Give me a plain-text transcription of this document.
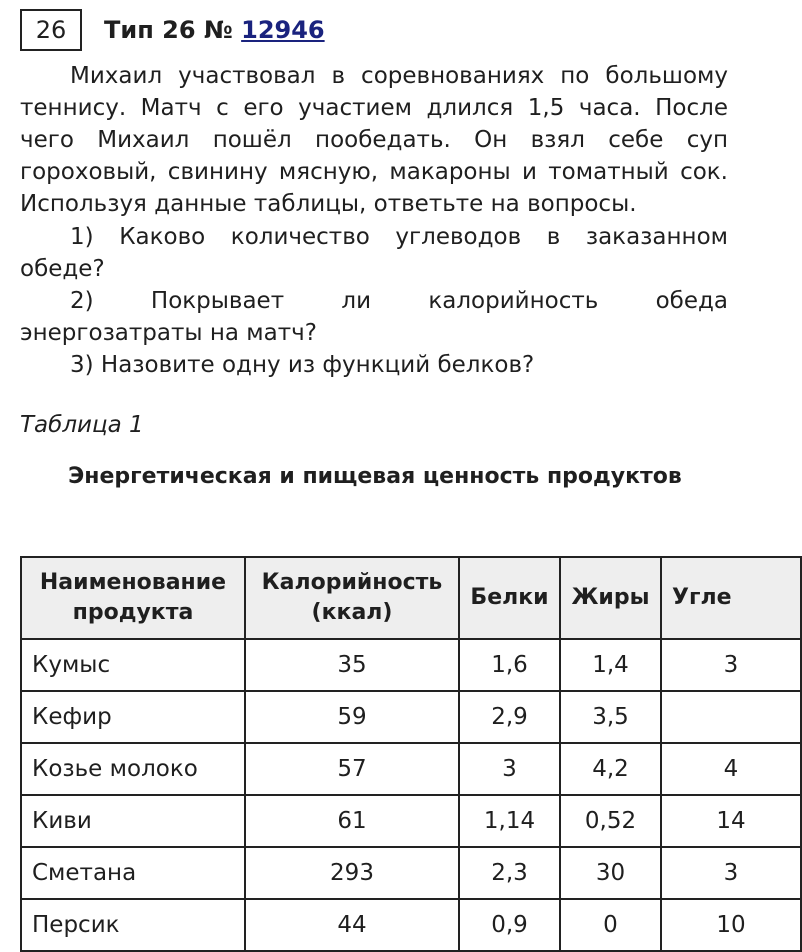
26	Тип 26 № 12946
Михаил участвовал в соревнованиях по большому
теннису. Матч с его участием длился 1,5 часа. После
чего Михаил пошёл пообедать. Он взял себе суп
гороховый, свинину мясную, макароны и томатный сок.
Используя данные таблицы, ответьте на вопросы.
1) Каково количество углеводов в заказанном
обеде?
2) Покрывает ли калорийность обеда
энергозатраты на матч?
3) Назовите одну из функций белков?
Таблица 1
Энергетическая и пищевая ценность продуктов
Наименование
продукта	Калорийность
(ккал)	Белки	Жиры	Угле
Кумыс	35	1,6	1,4	3
Кефир	59	2,9	3,5	
Козье молоко	57	3	4,2	4
Киви	61	1,14	0,52	14
Сметана	293	2,3	30	3
Персик	44	0,9	0	10
